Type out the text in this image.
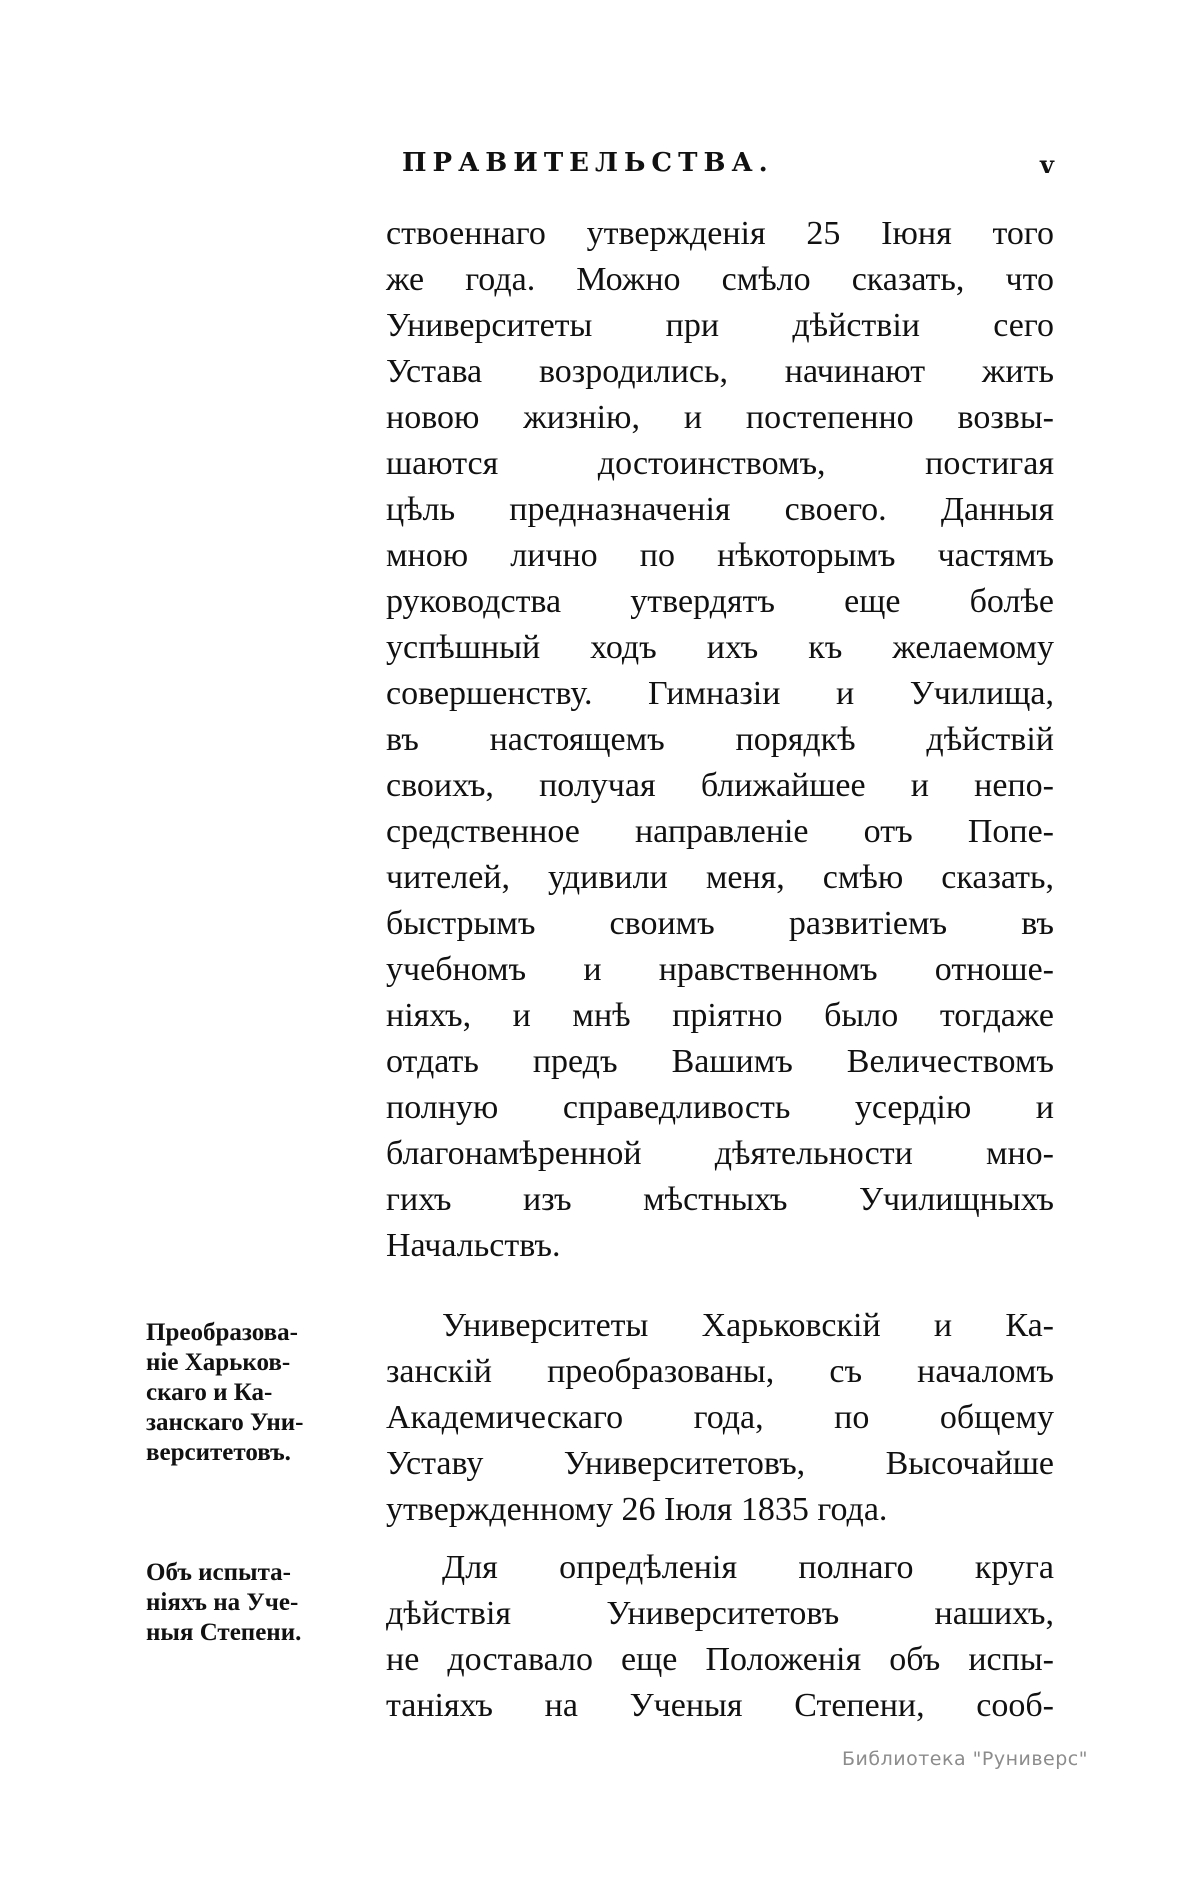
ПРАВИТЕЛЬСТВА.	v
ствоеннаго утвержденія 25 Іюня того
же года. Можно смѣло сказать, что
Университеты при дѣйствіи сего
Устава возродились, начинают жить
новою жизнію, и постепенно возвы-
шаются достоинствомъ, постигая
цѣль предназначенія своего. Данныя
мною лично по нѣкоторымъ частямъ
руководства утвердятъ еще болѣе
успѣшный ходъ ихъ къ желаемому
совершенству. Гимназіи и Училища,
въ настоящемъ порядкѣ дѣйствій
своихъ, получая ближайшее и непо-
средственное направленіе отъ Попе-
чителей, удивили меня, смѣю сказать,
быстрымъ своимъ развитіемъ въ
учебномъ и нравственномъ отноше-
ніяхъ, и мнѣ пріятно было тогдаже
отдать предъ Вашимъ Величествомъ
полную справедливость усердію и
благонамѣренной дѣятельности мно-
гихъ изъ мѣстныхъ Училищныхъ
Начальствъ.
Преобразова-
ніе Харьков-
скаго и Ка-
занскаго Уни-
верситетовъ.
Университеты Харьковскій и Ка-
занскій преобразованы, съ началомъ
Академическаго года, по общему
Уставу Университетовъ, Высочайше
утвержденному 26 Іюля 1835 года.
Объ испыта-
ніяхъ на Уче-
ныя Степени.
Для опредѣленія полнаго круга
дѣйствія Университетовъ нашихъ,
не доставало еще Положенія объ испы-
таніяхъ на Ученыя Степени, сооб-
Библиотека "Руниверс"
